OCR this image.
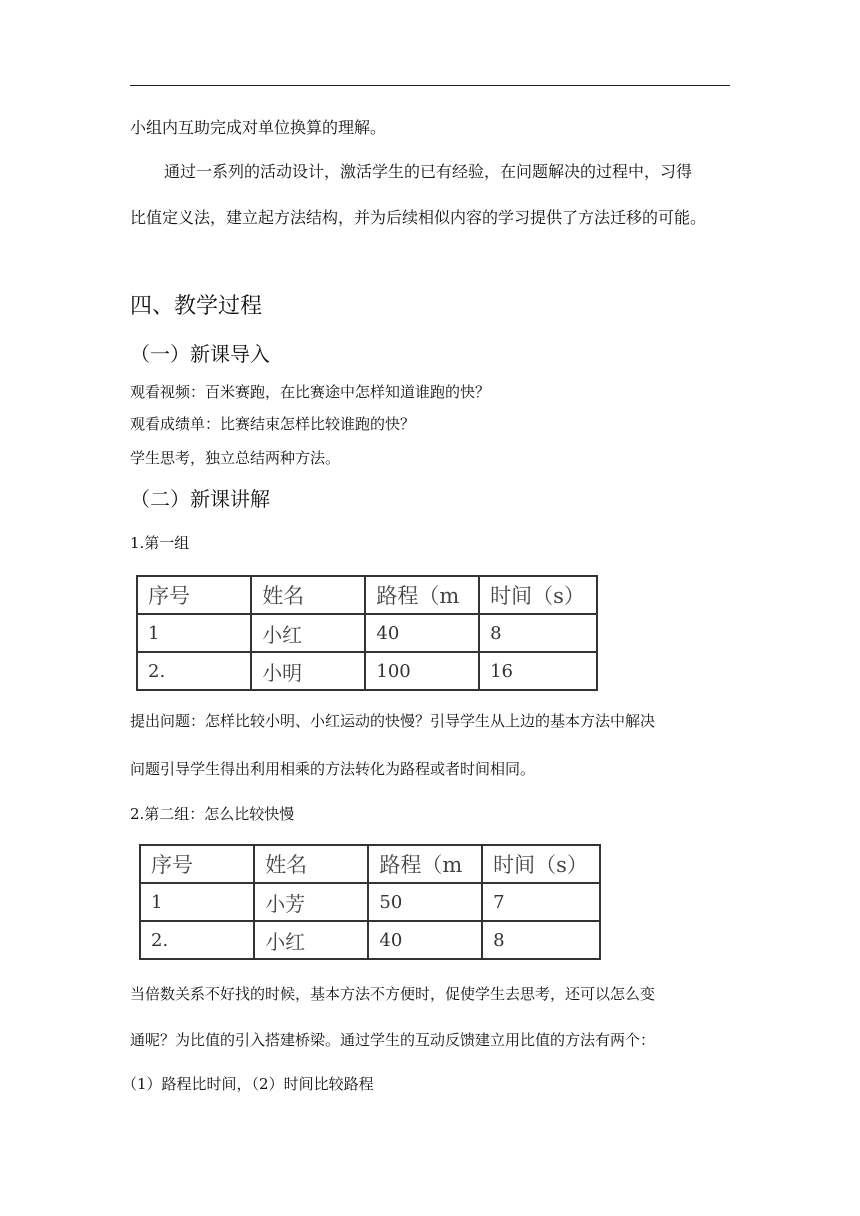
小组内互助完成对单位换算的理解。

通过一系列的活动设计，激活学生的已有经验，在问题解决的过程中，习得

比值定义法，建立起方法结构，并为后续相似内容的学习提供了方法迁移的可能。

四、教学过程
（一）新课导入

观看视频：百米赛跑，在比赛途中怎样知道谁跑的快？

观看成绩单：比赛结束怎样比较谁跑的快？

学生思考，独立总结两种方法。

（二）新课讲解

1.第一组

序号	姓名	路程（m	时间（s）
1	小红	40	8
2.	小明	100	16

提出问题：怎样比较小明、小红运动的快慢？引导学生从上边的基本方法中解决

问题引导学生得出利用相乘的方法转化为路程或者时间相同。

2.第二组：怎么比较快慢

序号	姓名	路程（m	时间（s）
1	小芳	50	7
2.	小红	40	8

当倍数关系不好找的时候，基本方法不方便时，促使学生去思考，还可以怎么变

通呢？为比值的引入搭建桥梁。通过学生的互动反馈建立用比值的方法有两个：

（1）路程比时间，（2）时间比较路程
